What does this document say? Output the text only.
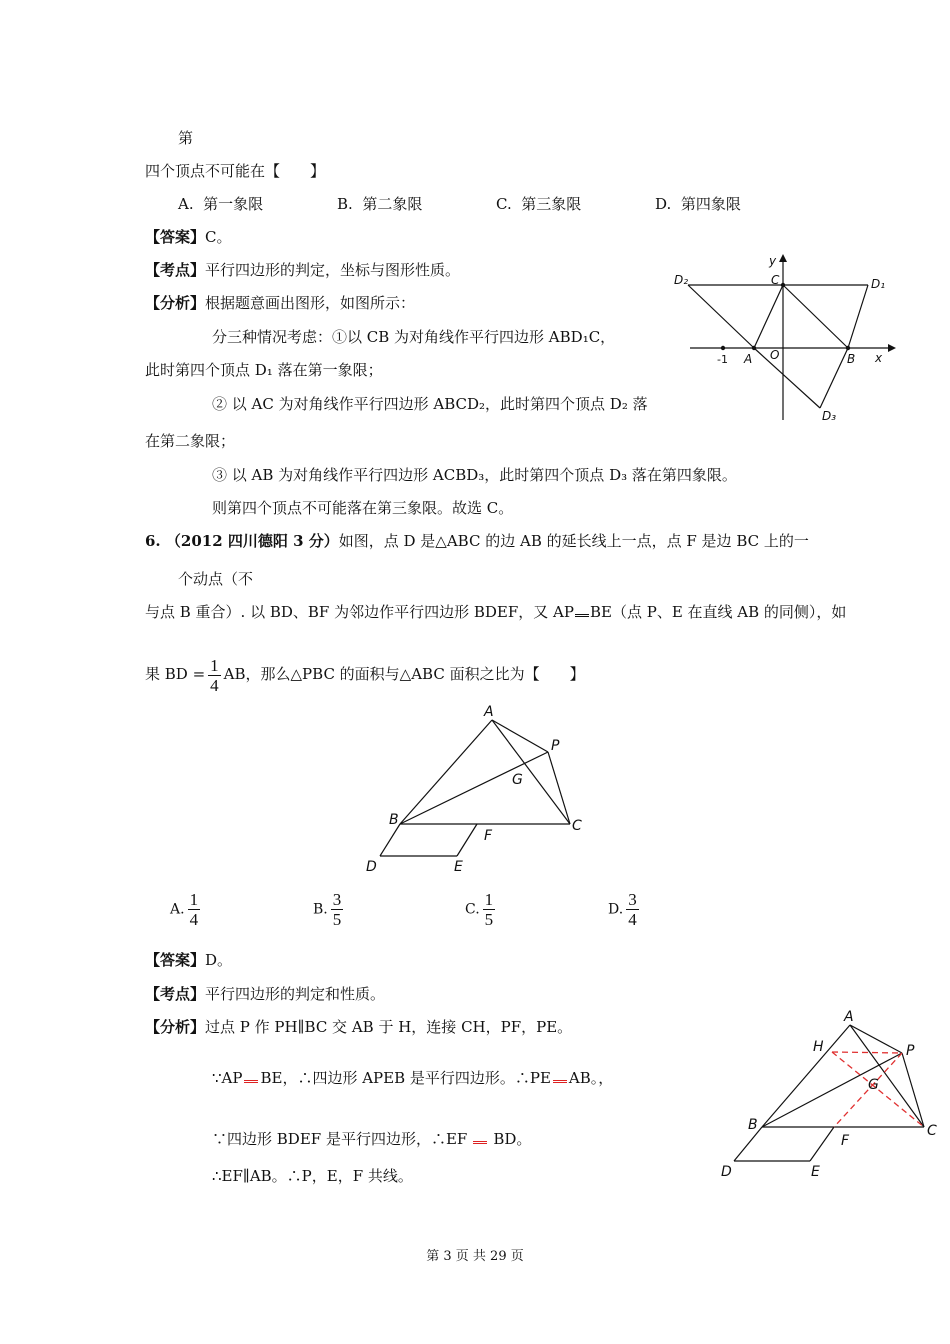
第
四个顶点不可能在【　　】
A. 第一象限	B. 第二象限	C. 第三象限	D. 第四象限
【答案】C。
【考点】平行四边形的判定，坐标与图形性质。
【分析】根据题意画出图形，如图所示：
分三种情况考虑：①以 CB 为对角线作平行四边形 ABD₁C，
此时第四个顶点 D₁ 落在第一象限；
② 以 AC 为对角线作平行四边形 ABCD₂，此时第四个顶点 D₂ 落
在第二象限；
③ 以 AB 为对角线作平行四边形 ACBD₃，此时第四个顶点 D₃ 落在第四象限。
则第四个顶点不可能落在第三象限。故选 C。
D₂	C	D₁
y
-1 A O	B x
D₃
6. （2012 四川德阳 3 分）如图，点 D 是△ABC 的边 AB 的延长线上一点，点 F 是边 BC 上的一
个动点（不
与点 B 重合）. 以 BD、BF 为邻边作平行四边形 BDEF，又 AP BE（点 P、E 在直线 AB 的同侧），如
果 BD = $\frac{1}{4}$ AB，那么△PBC 的面积与△ABC 面积之比为【　　】
A
P
G
B
F
C
D	E
A. $\frac{1}{4}$	B. $\frac{3}{5}$	C. $\frac{1}{5}$	D. $\frac{3}{4}$
【答案】D。
【考点】平行四边形的判定和性质。
【分析】过点 P 作 PH∥BC 交 AB 于 H，连接 CH，PF，PE。
∵AP BE，∴四边形 APEB 是平行四边形。∴PE AB。，
∵四边形 BDEF 是平行四边形，∴EF BD。
∴EF∥AB。∴P，E，F 共线。
A
H	P
G
B	C
F
D	E
第 3 页 共 29 页
